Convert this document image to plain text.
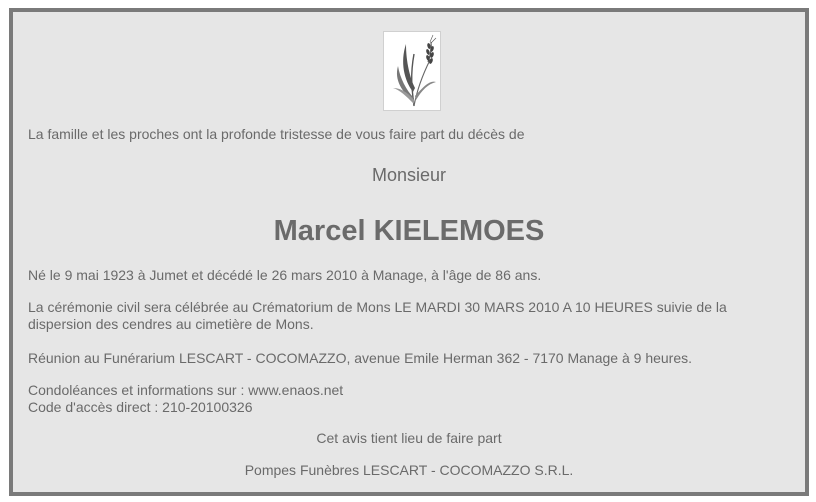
La famille et les proches ont la profonde tristesse de vous faire part du décès de
Monsieur
Marcel KIELEMOES
Né le 9 mai 1923 à Jumet et décédé le 26 mars 2010 à Manage, à l'âge de 86 ans.
La cérémonie civil sera célébrée au Crématorium de Mons LE MARDI 30 MARS 2010 A 10 HEURES suivie de la dispersion des cendres au cimetière de Mons.
Réunion au Funérarium LESCART - COCOMAZZO, avenue Emile Herman 362 - 7170 Manage à 9 heures.
Condoléances et informations sur : www.enaos.net
Code d'accès direct : 210-20100326
Cet avis tient lieu de faire part
Pompes Funèbres LESCART - COCOMAZZO S.R.L.
